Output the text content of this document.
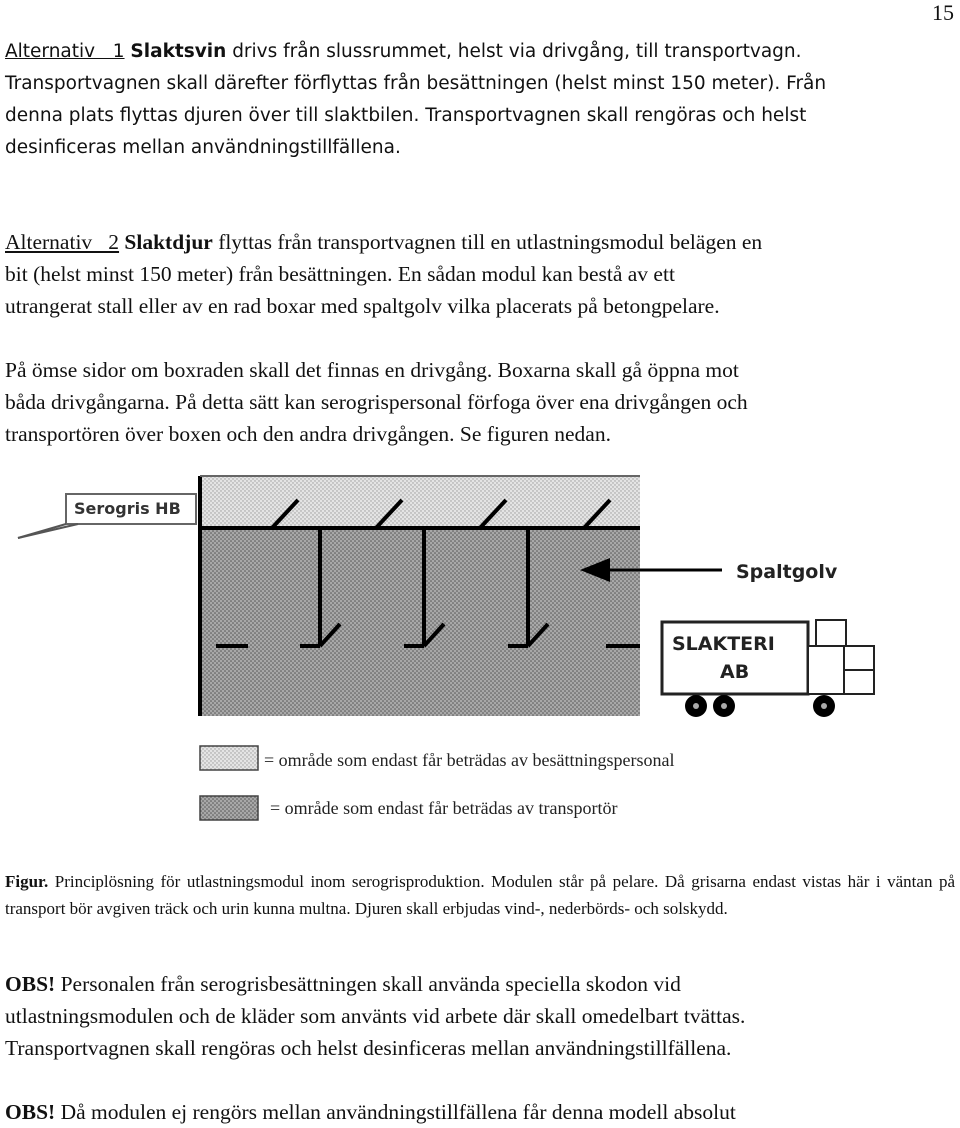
15
Alternativ   1 Slaktsvin drivs från slussrummet, helst via drivgång, till transportvagn.
Transportvagnen skall därefter förflyttas från besättningen (helst minst 150 meter). Från
denna plats flyttas djuren över till slaktbilen. Transportvagnen skall rengöras och helst
desinficeras mellan användningstillfällena.
Alternativ   2 Slaktdjur flyttas från transportvagnen till en utlastningsmodul belägen en
bit (helst minst 150 meter) från besättningen. En sådan modul kan bestå av ett
utrangerat stall eller av en rad boxar med spaltgolv vilka placerats på betongpelare.
På ömse sidor om boxraden skall det finnas en drivgång. Boxarna skall gå öppna mot
båda drivgångarna. På detta sätt kan serogrispersonal förfoga över ena drivgången och
transportören över boxen och den andra drivgången. Se figuren nedan.
Spaltgolv
Serogris HB
SLAKTERI
AB
= område som endast får beträdas av besättningspersonal
= område som endast får beträdas av transportör
Figur. Principlösning för utlastningsmodul inom serogrisproduktion. Modulen står på pelare. Då grisarna endast vistas här i väntan på transport bör avgiven träck och urin kunna multna. Djuren skall erbjudas vind-, nederbörds- och solskydd.
OBS! Personalen från serogrisbesättningen skall använda speciella skodon vid
utlastningsmodulen och de kläder som använts vid arbete där skall omedelbart tvättas.
Transportvagnen skall rengöras och helst desinficeras mellan användningstillfällena.
OBS! Då modulen ej rengörs mellan användningstillfällena får denna modell absolut
